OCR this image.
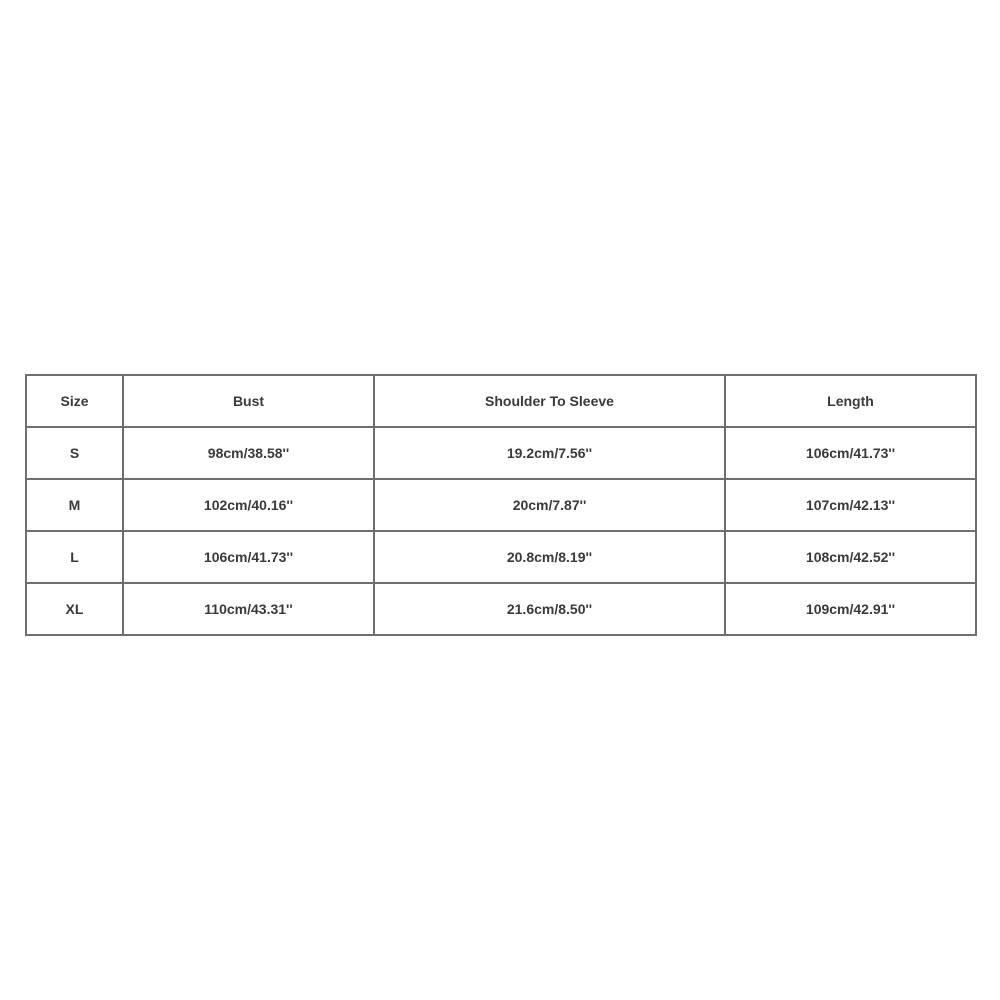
Size	Bust	Shoulder To Sleeve	Length
S	98cm/38.58''	19.2cm/7.56''	106cm/41.73''
M	102cm/40.16''	20cm/7.87''	107cm/42.13''
L	106cm/41.73''	20.8cm/8.19''	108cm/42.52''
XL	110cm/43.31''	21.6cm/8.50''	109cm/42.91''
